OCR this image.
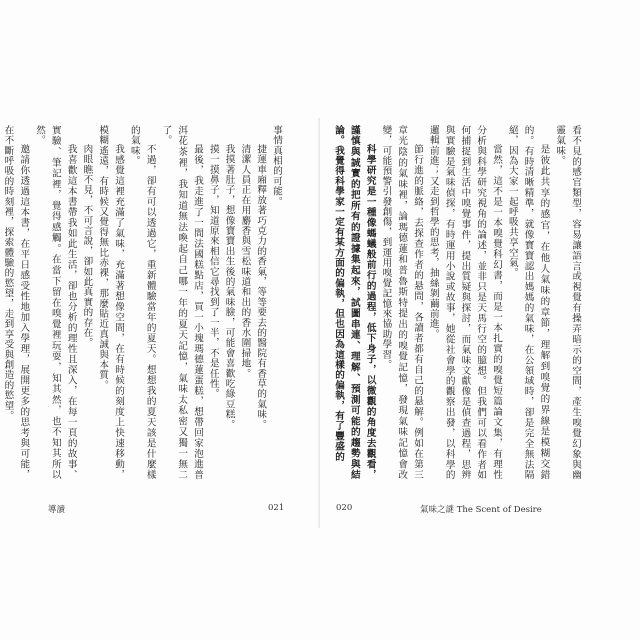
事情真相的可能。

捷運車廂釋放著巧克力的香氣，等等要去的醫院有香草的氣味。

清潔人員正在用麝香與雪松味道和出的香水圍掃地。

我摸著肚子，想像寶寶出生後的氣味臉，可能會喜歡吃綠豆糕。

摸一摸鼻子，知道原來相信它尋找到了一半，不是任性。

最後，我走進了一間法國糕點店，買一小塊瑪德蓮蛋糕，想帶回家泡進普洱花茶裡，我知道無法喚起自己哪一年的夏天記憶，氣味太私密又獨一無二了。

不過，卻有可以透過它，重新體驗當年的夏天。想想我的夏天該是什麼樣的氣味。

我感覺這裡充滿了氣味，充滿著想像空間，在有時候的刻度上快速移動，模糊遙遠，有時候又覺得無比赤裸，那麼貼近真誠與本質。

肉眼瞧不見，不可言說，卻如此真實的存在。

我喜歡這本書帶我如此生活，卻也分析的理性且深入，在每一頁的故事、實驗、筆記裡，覺得感觸。在當下留在嗅覺裡玩耍，知其然，也不知其所以然。

邀請你透過這本書，在平日感受性地加入學理，展開更多的思考與可能，在不斷呼吸的時刻裡，探索體驗的慾望，走到享受與創造的慾望。

導讀	021

看不見的感官類型，容易讓語言或視覺有操弄暗示的空間，產生嗅覺幻象與幽靈氣味。

是彼此共享的感官，在他人氣味的章節，理解到嗅覺的界線是模糊交錯的。有時清晰精準，就像寶寶認出媽媽的氣味，在公領域時，卻是完全無法隔絕，因為大家一起呼吸共享空氣。

當然，這不是一本嗅覺科幻書，而是一本扎實的嗅覺短篇論文集，有理性分析與科學研究視角的論述，並非只是天馬行空的臆想。但我們可以看作者如何捕捉到生活中嗅覺事件，提出質疑與探討，而氣味文獻像是偵查過程，思辨與實驗是氣味偵探，有時運用小說或故事，她從社會學的觀察出發，以科學的邏輯前進；又走到哲學的思考，抽絲剝繭前進。

節行進的脈絡，去探查作者的悬問，各讀者都有自己的悬解。例如在第三章光陰的氣味裡，論瑪德蓮和普魯斯特提出的嗅覺記憶，發現氣味記憶會改變，可能預警引發創傷，到運用嗅覺記憶來協助學習。

科學研究是一種像螞蟻般前行的過程，低下身子，以微觀的角度去觀看，謹慎與誠實的把所有的證據集起來，試圖串連、理解、預測可能的趨勢與結論。我覺得科學家一定有某方面的偏執，但也因為這樣的偏執，有了豐盛的

020	氣味之謎 The Scent of Desire
